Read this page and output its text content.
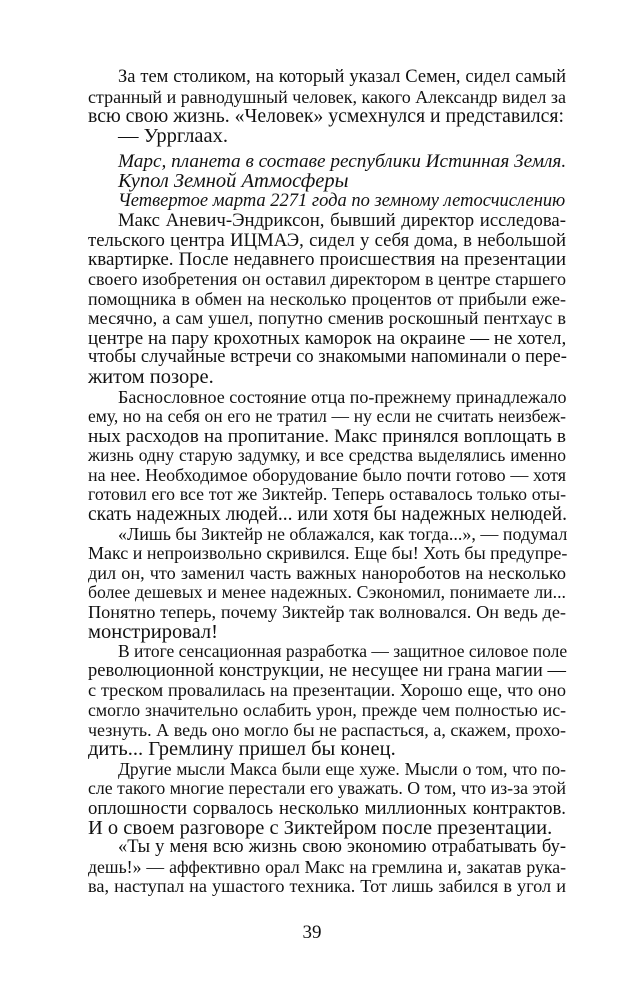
За тем столиком, на который указал Семен, сидел самый
странный и равнодушный человек, какого Александр видел за
всю свою жизнь. «Человек» усмехнулся и представился:
— Уррглаах.
Марс, планета в составе республики Истинная Земля.
Купол Земной Атмосферы
Четвертое марта 2271 года по земному летосчислению
Макс Аневич-Эндриксон, бывший директор исследова-
тельского центра ИЦМАЭ, сидел у себя дома, в небольшой
квартирке. После недавнего происшествия на презентации
своего изобретения он оставил директором в центре старшего
помощника в обмен на несколько процентов от прибыли еже-
месячно, а сам ушел, попутно сменив роскошный пентхаус в
центре на пару крохотных каморок на окраине — не хотел,
чтобы случайные встречи со знакомыми напоминали о пере-
житом позоре.
Баснословное состояние отца по-прежнему принадлежало
ему, но на себя он его не тратил — ну если не считать неизбеж-
ных расходов на пропитание. Макс принялся воплощать в
жизнь одну старую задумку, и все средства выделялись именно
на нее. Необходимое оборудование было почти готово — хотя
готовил его все тот же Зиктейр. Теперь оставалось только оты-
скать надежных людей... или хотя бы надежных нелюдей.
«Лишь бы Зиктейр не облажался, как тогда...», — подумал
Макс и непроизвольно скривился. Еще бы! Хоть бы предупре-
дил он, что заменил часть важных нанороботов на несколько
более дешевых и менее надежных. Сэкономил, понимаете ли...
Понятно теперь, почему Зиктейр так волновался. Он ведь де-
монстрировал!
В итоге сенсационная разработка — защитное силовое поле
революционной конструкции, не несущее ни грана магии —
с треском провалилась на презентации. Хорошо еще, что оно
смогло значительно ослабить урон, прежде чем полностью ис-
чезнуть. А ведь оно могло бы не распасться, а, скажем, прохо-
дить... Гремлину пришел бы конец.
Другие мысли Макса были еще хуже. Мысли о том, что по-
сле такого многие перестали его уважать. О том, что из-за этой
оплошности сорвалось несколько миллионных контрактов.
И о своем разговоре с Зиктейром после презентации.
«Ты у меня всю жизнь свою экономию отрабатывать бу-
дешь!» — аффективно орал Макс на гремлина и, закатав рука-
ва, наступал на ушастого техника. Тот лишь забился в угол и
39
